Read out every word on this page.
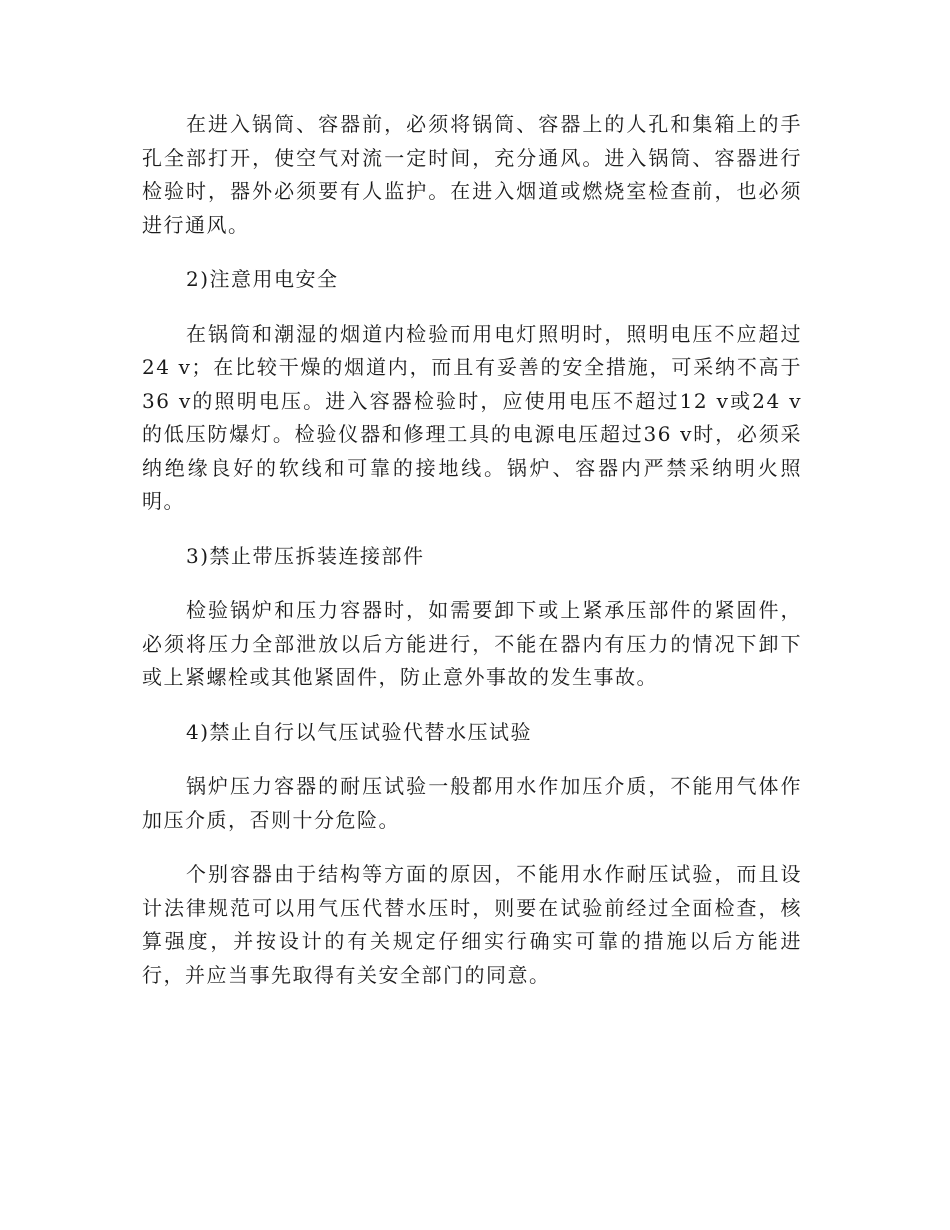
在进入锅筒、容器前，必须将锅筒、容器上的人孔和集箱上的手孔全部打开，使空气对流一定时间，充分通风。进入锅筒、容器进行检验时，器外必须要有人监护。在进入烟道或燃烧室检查前，也必须进行通风。

2)注意用电安全

在锅筒和潮湿的烟道内检验而用电灯照明时，照明电压不应超过24 v；在比较干燥的烟道内，而且有妥善的安全措施，可采纳不高于36 v的照明电压。进入容器检验时，应使用电压不超过12 v或24 v的低压防爆灯。检验仪器和修理工具的电源电压超过36 v时，必须采纳绝缘良好的软线和可靠的接地线。锅炉、容器内严禁采纳明火照明。

3)禁止带压拆装连接部件

检验锅炉和压力容器时，如需要卸下或上紧承压部件的紧固件，必须将压力全部泄放以后方能进行，不能在器内有压力的情况下卸下或上紧螺栓或其他紧固件，防止意外事故的发生事故。

4)禁止自行以气压试验代替水压试验

锅炉压力容器的耐压试验一般都用水作加压介质，不能用气体作加压介质，否则十分危险。

个别容器由于结构等方面的原因，不能用水作耐压试验，而且设计法律规范可以用气压代替水压时，则要在试验前经过全面检查，核算强度，并按设计的有关规定仔细实行确实可靠的措施以后方能进行，并应当事先取得有关安全部门的同意。
